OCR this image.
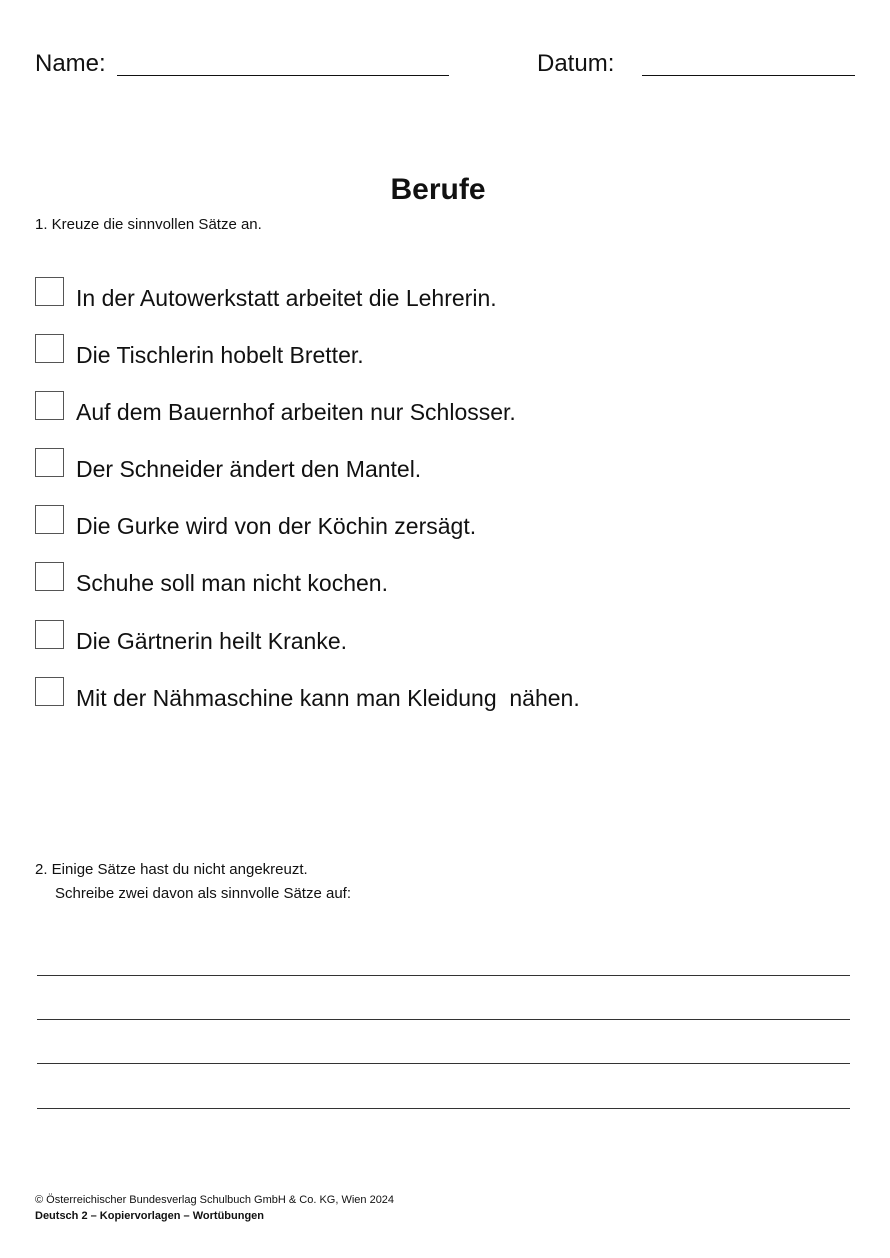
Name:	Datum:
Berufe
1. Kreuze die sinnvollen Sätze an.
In der Autowerkstatt arbeitet die Lehrerin.
Die Tischlerin hobelt Bretter.
Auf dem Bauernhof arbeiten nur Schlosser.
Der Schneider ändert den Mantel.
Die Gurke wird von der Köchin zersägt.
Schuhe soll man nicht kochen.
Die Gärtnerin heilt Kranke.
Mit der Nähmaschine kann man Kleidung  nähen.
2. Einige Sätze hast du nicht angekreuzt.
Schreibe zwei davon als sinnvolle Sätze auf:
© Österreichischer Bundesverlag Schulbuch GmbH & Co. KG, Wien 2024
Deutsch 2 – Kopiervorlagen – Wortübungen
